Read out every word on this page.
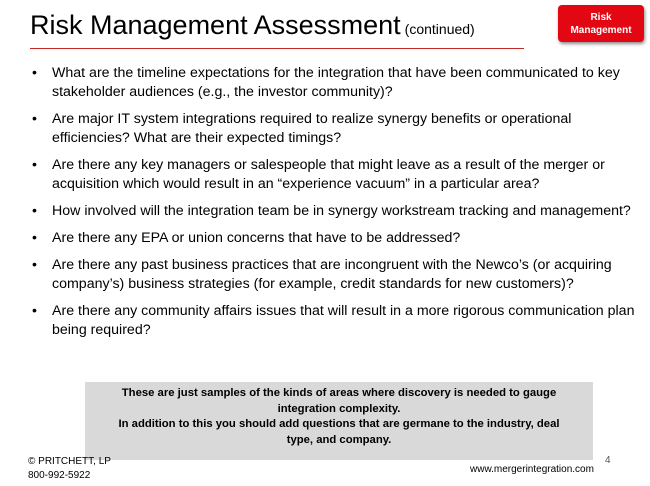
Risk Management Assessment (continued)
Risk
Management
• What are the timeline expectations for the integration that have been communicated to key stakeholder audiences (e.g., the investor community)?
• Are major IT system integrations required to realize synergy benefits or operational efficiencies? What are their expected timings?
• Are there any key managers or salespeople that might leave as a result of the merger or acquisition which would result in an “experience vacuum” in a particular area?
• How involved will the integration team be in synergy workstream tracking and management?
• Are there any EPA or union concerns that have to be addressed?
• Are there any past business practices that are incongruent with the Newco’s (or acquiring company’s) business strategies (for example, credit standards for new customers)?
• Are there any community affairs issues that will result in a more rigorous communication plan being required?
These are just samples of the kinds of areas where discovery is needed to gauge
integration complexity.
In addition to this you should add questions that are germane to the industry, deal
type, and company.
4
© PRITCHETT, LP
800-992-5922
www.mergerintegration.com
